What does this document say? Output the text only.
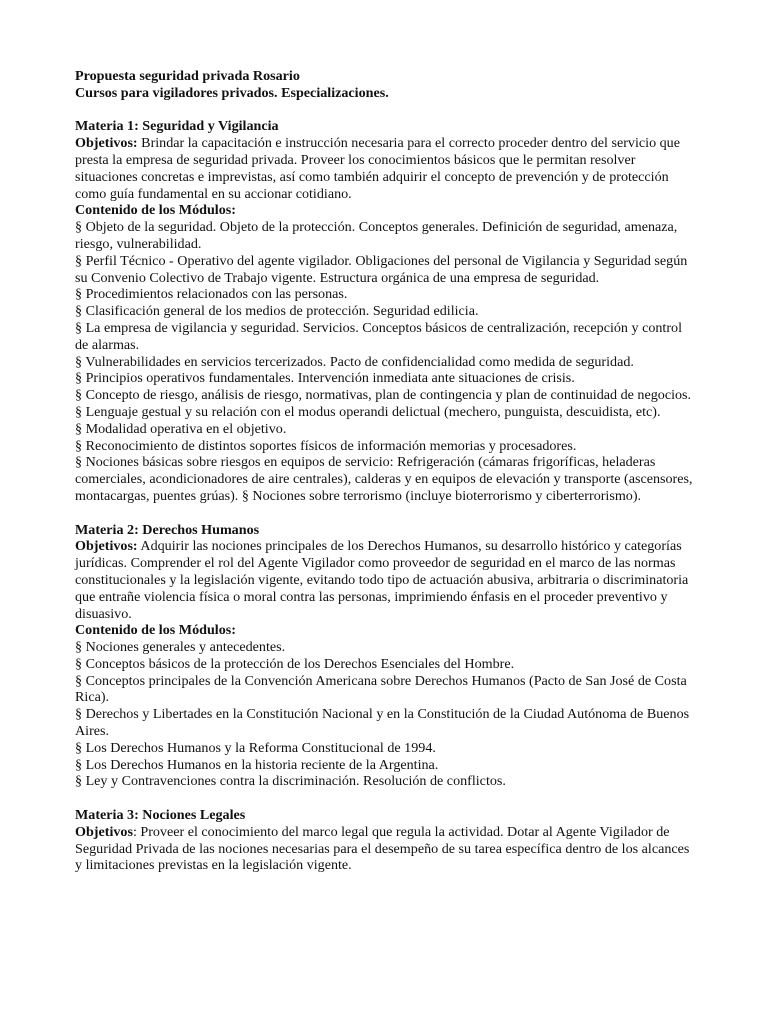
Propuesta seguridad privada Rosario
Cursos para vigiladores privados. Especializaciones.
Materia 1: Seguridad y Vigilancia

Objetivos: Brindar la capacitación e instrucción necesaria para el correcto proceder dentro del servicio que presta la empresa de seguridad privada. Proveer los conocimientos básicos que le permitan resolver situaciones concretas e imprevistas, así como también adquirir el concepto de prevención y de protección como guía fundamental en su accionar cotidiano.

Contenido de los Módulos:

§ Objeto de la seguridad. Objeto de la protección. Conceptos generales. Definición de seguridad, amenaza, riesgo, vulnerabilidad.

§ Perfil Técnico - Operativo del agente vigilador. Obligaciones del personal de Vigilancia y Seguridad según su Convenio Colectivo de Trabajo vigente. Estructura orgánica de una empresa de seguridad.

§ Procedimientos relacionados con las personas.

§ Clasificación general de los medios de protección. Seguridad edilicia.

§ La empresa de vigilancia y seguridad. Servicios. Conceptos básicos de centralización, recepción y control de alarmas.

§ Vulnerabilidades en servicios tercerizados. Pacto de confidencialidad como medida de seguridad.

§ Principios operativos fundamentales. Intervención inmediata ante situaciones de crisis.

§ Concepto de riesgo, análisis de riesgo, normativas, plan de contingencia y plan de continuidad de negocios.

§ Lenguaje gestual y su relación con el modus operandi delictual (mechero, punguista, descuidista, etc).

§ Modalidad operativa en el objetivo.

§ Reconocimiento de distintos soportes físicos de información memorias y procesadores.

§ Nociones básicas sobre riesgos en equipos de servicio: Refrigeración (cámaras frigoríficas, heladeras comerciales, acondicionadores de aire centrales), calderas y en equipos de elevación y transporte (ascensores, montacargas, puentes grúas). § Nociones sobre terrorismo (incluye bioterrorismo y ciberterrorismo).

Materia 2: Derechos Humanos

Objetivos: Adquirir las nociones principales de los Derechos Humanos, su desarrollo histórico y categorías jurídicas. Comprender el rol del Agente Vigilador como proveedor de seguridad en el marco de las normas constitucionales y la legislación vigente, evitando todo tipo de actuación abusiva, arbitraria o discriminatoria que entrañe violencia física o moral contra las personas, imprimiendo énfasis en el proceder preventivo y disuasivo.

Contenido de los Módulos:

§ Nociones generales y antecedentes.

§ Conceptos básicos de la protección de los Derechos Esenciales del Hombre.

§ Conceptos principales de la Convención Americana sobre Derechos Humanos (Pacto de San José de Costa Rica).

§ Derechos y Libertades en la Constitución Nacional y en la Constitución de la Ciudad Autónoma de Buenos Aires.

§ Los Derechos Humanos y la Reforma Constitucional de 1994.

§ Los Derechos Humanos en la historia reciente de la Argentina.

§ Ley y Contravenciones contra la discriminación. Resolución de conflictos.

Materia 3: Nociones Legales

Objetivos: Proveer el conocimiento del marco legal que regula la actividad. Dotar al Agente Vigilador de Seguridad Privada de las nociones necesarias para el desempeño de su tarea específica dentro de los alcances y limitaciones previstas en la legislación vigente.
